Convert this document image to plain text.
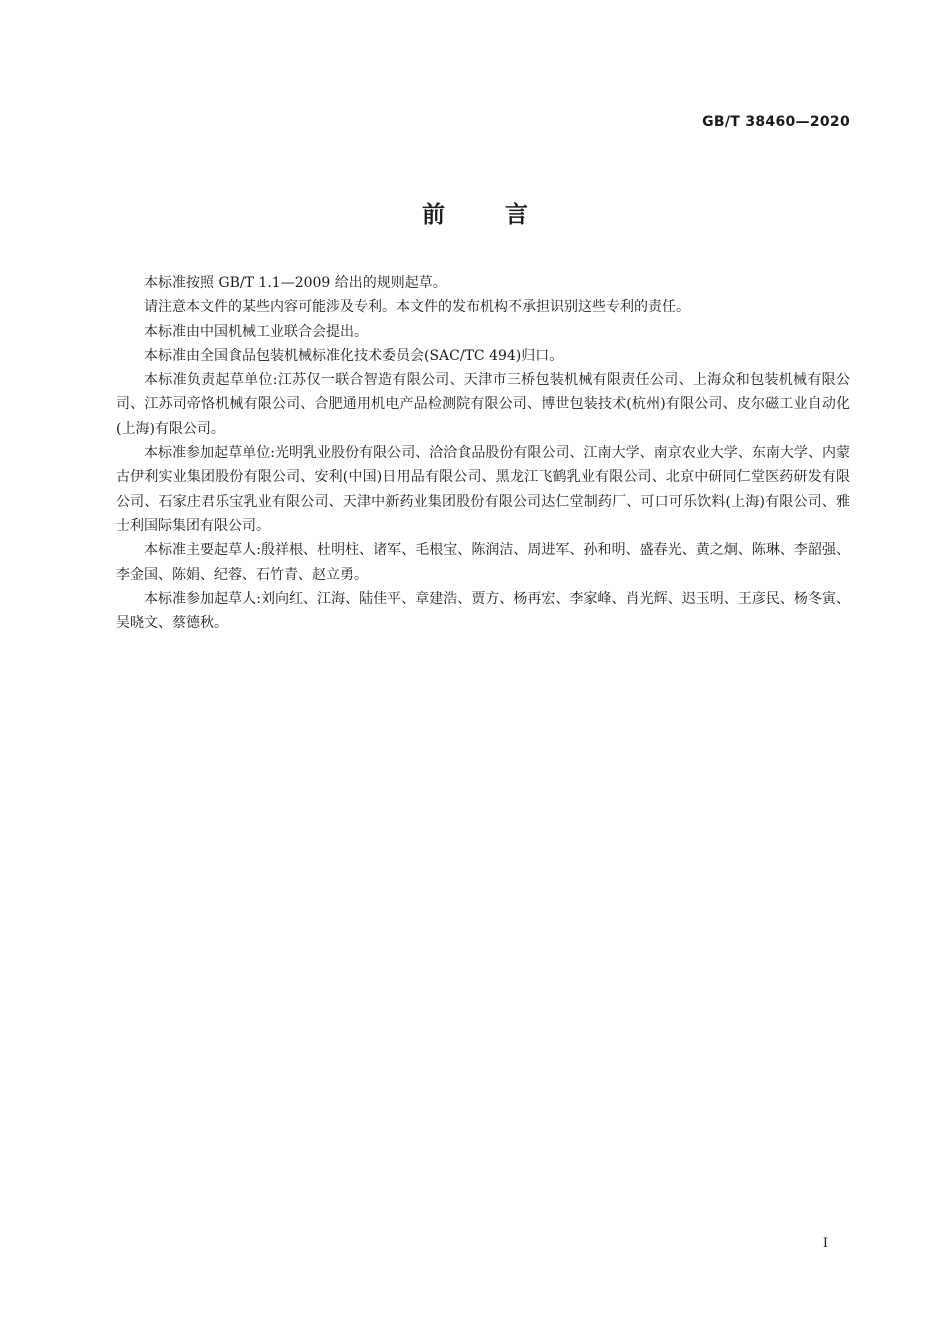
GB/T 38460—2020
前	言

本标准按照 GB/T 1.1—2009 给出的规则起草。

请注意本文件的某些内容可能涉及专利。本文件的发布机构不承担识别这些专利的责任。

本标准由中国机械工业联合会提出。

本标准由全国食品包装机械标准化技术委员会(SAC/TC 494)归口。

本标准负责起草单位:江苏仅一联合智造有限公司、天津市三桥包装机械有限责任公司、上海众和包装机械有限公司、江苏司帝恪机械有限公司、合肥通用机电产品检测院有限公司、博世包装技术(杭州)有限公司、皮尔磁工业自动化(上海)有限公司。

本标准参加起草单位:光明乳业股份有限公司、洽洽食品股份有限公司、江南大学、南京农业大学、东南大学、内蒙古伊利实业集团股份有限公司、安利(中国)日用品有限公司、黑龙江飞鹤乳业有限公司、北京中研同仁堂医药研发有限公司、石家庄君乐宝乳业有限公司、天津中新药业集团股份有限公司达仁堂制药厂、可口可乐饮料(上海)有限公司、雅士利国际集团有限公司。

本标准主要起草人:殷祥根、杜明柱、诸军、毛根宝、陈润洁、周进军、孙和明、盛春光、黄之炯、陈琳、李韶强、李金国、陈娟、纪蓉、石竹青、赵立勇。

本标准参加起草人:刘向红、江海、陆佳平、章建浩、贾方、杨再宏、李家峰、肖光辉、迟玉明、王彦民、杨冬寅、吴晓文、蔡德秋。

I
